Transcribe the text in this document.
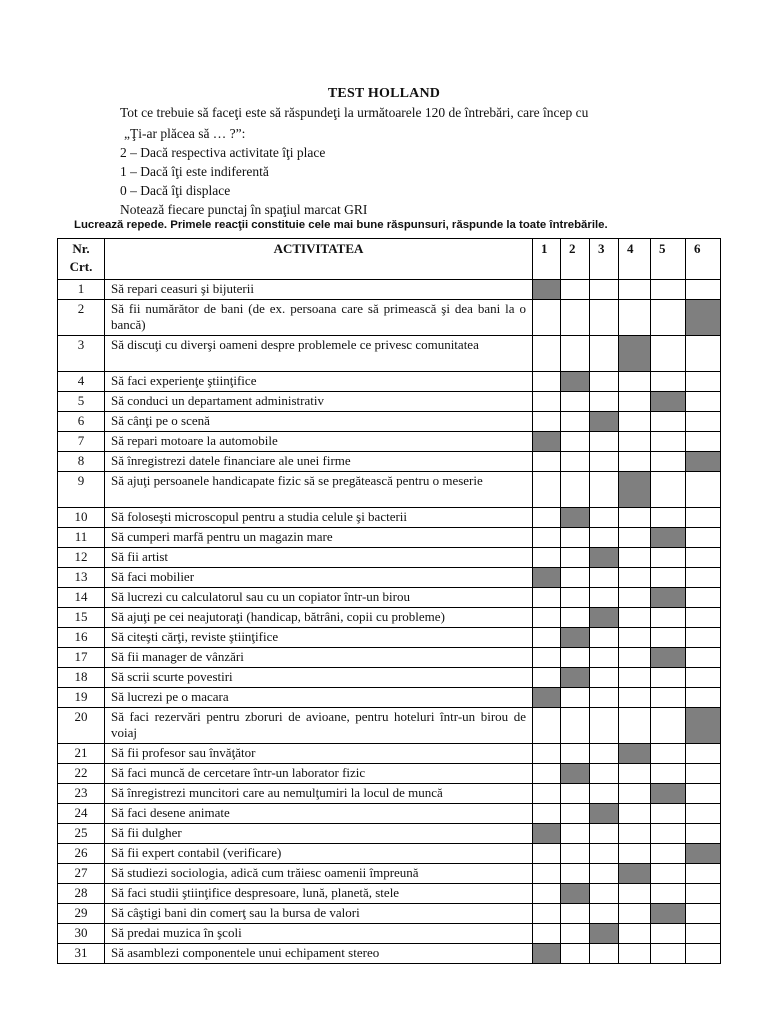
TEST HOLLAND
Tot ce trebuie să faceţi este să răspundeţi la următoarele 120 de întrebări, care încep cu
„Ţi-ar plăcea să … ?”:
2 – Dacă respectiva activitate îţi place
1 – Dacă îţi este indiferentă
0 – Dacă îţi displace
Notează fiecare punctaj în spaţiul marcat GRI
Lucrează repede. Primele reacţii constituie cele mai bune răspunsuri, răspunde la toate întrebările.
Nr.
Crt.	ACTIVITATEA	1	2	3	4	5	6
1	Să repari ceasuri şi bijuterii						
2	Să fii numărător de bani (de ex. persoana care să primească şi dea bani la o bancă)						
3	Să discuţi cu diverşi oameni despre problemele ce privesc comunitatea						
4	Să faci experienţe ştiinţifice						
5	Să conduci un departament administrativ						
6	Să cânţi pe o scenă						
7	Să repari motoare la automobile						
8	Să înregistrezi datele financiare ale unei firme						
9	Să ajuţi persoanele handicapate fizic să se pregătească pentru o meserie						
10	Să foloseşti microscopul pentru a studia celule şi bacterii						
11	Să cumperi marfă pentru un magazin mare						
12	Să fii artist						
13	Să faci mobilier						
14	Să lucrezi cu calculatorul sau cu un copiator într-un birou						
15	Să ajuţi pe cei neajutoraţi (handicap, bătrâni, copii cu probleme)						
16	Să citeşti cărţi, reviste ştiinţifice						
17	Să fii manager de vânzări						
18	Să scrii scurte povestiri						
19	Să lucrezi pe o macara						
20	Să faci rezervări pentru zboruri de avioane, pentru hoteluri într-un birou de voiaj						
21	Să fii profesor sau învăţător						
22	Să faci muncă de cercetare într-un laborator fizic						
23	Să înregistrezi muncitori care au nemulţumiri la locul de muncă						
24	Să faci desene animate						
25	Să fii dulgher						
26	Să fii expert contabil (verificare)						
27	Să studiezi sociologia, adică cum trăiesc oamenii împreună						
28	Să faci studii ştiinţifice despresoare, lună, planetă, stele						
29	Să câştigi bani din comerţ sau la bursa de valori						
30	Să predai muzica în şcoli						
31	Să asamblezi componentele unui echipament stereo						
